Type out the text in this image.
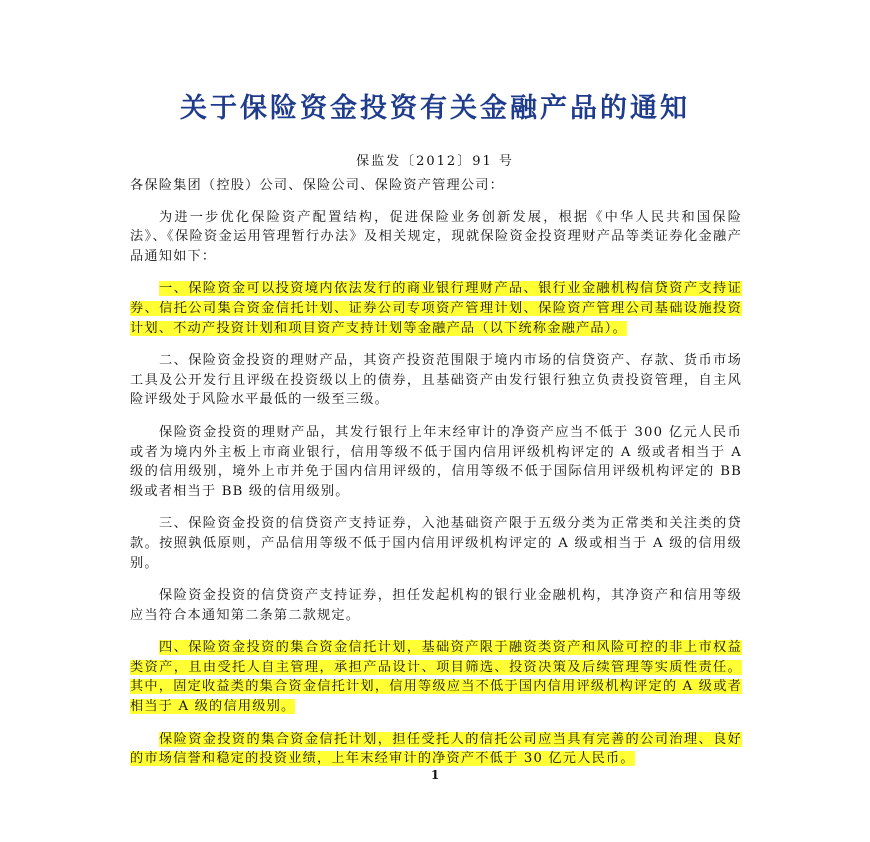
关于保险资金投资有关金融产品的通知
保监发〔2012〕91 号

各保险集团（控股）公司、保险公司、保险资产管理公司：

为进一步优化保险资产配置结构，促进保险业务创新发展，根据《中华人民共和国保险法》、《保险资金运用管理暂行办法》及相关规定，现就保险资金投资理财产品等类证券化金融产品通知如下：

一、保险资金可以投资境内依法发行的商业银行理财产品、银行业金融机构信贷资产支持证券、信托公司集合资金信托计划、证券公司专项资产管理计划、保险资产管理公司基础设施投资计划、不动产投资计划和项目资产支持计划等金融产品（以下统称金融产品）。

二、保险资金投资的理财产品，其资产投资范围限于境内市场的信贷资产、存款、货币市场工具及公开发行且评级在投资级以上的债券，且基础资产由发行银行独立负责投资管理，自主风险评级处于风险水平最低的一级至三级。

保险资金投资的理财产品，其发行银行上年末经审计的净资产应当不低于 300 亿元人民币或者为境内外主板上市商业银行，信用等级不低于国内信用评级机构评定的 A 级或者相当于 A 级的信用级别，境外上市并免于国内信用评级的，信用等级不低于国际信用评级机构评定的 BB 级或者相当于 BB 级的信用级别。

三、保险资金投资的信贷资产支持证券，入池基础资产限于五级分类为正常类和关注类的贷款。按照孰低原则，产品信用等级不低于国内信用评级机构评定的 A 级或相当于 A 级的信用级别。

保险资金投资的信贷资产支持证券，担任发起机构的银行业金融机构，其净资产和信用等级应当符合本通知第二条第二款规定。

四、保险资金投资的集合资金信托计划，基础资产限于融资类资产和风险可控的非上市权益类资产，且由受托人自主管理，承担产品设计、项目筛选、投资决策及后续管理等实质性责任。其中，固定收益类的集合资金信托计划，信用等级应当不低于国内信用评级机构评定的 A 级或者相当于 A 级的信用级别。

保险资金投资的集合资金信托计划，担任受托人的信托公司应当具有完善的公司治理、良好的市场信誉和稳定的投资业绩，上年末经审计的净资产不低于 30 亿元人民币。

1
